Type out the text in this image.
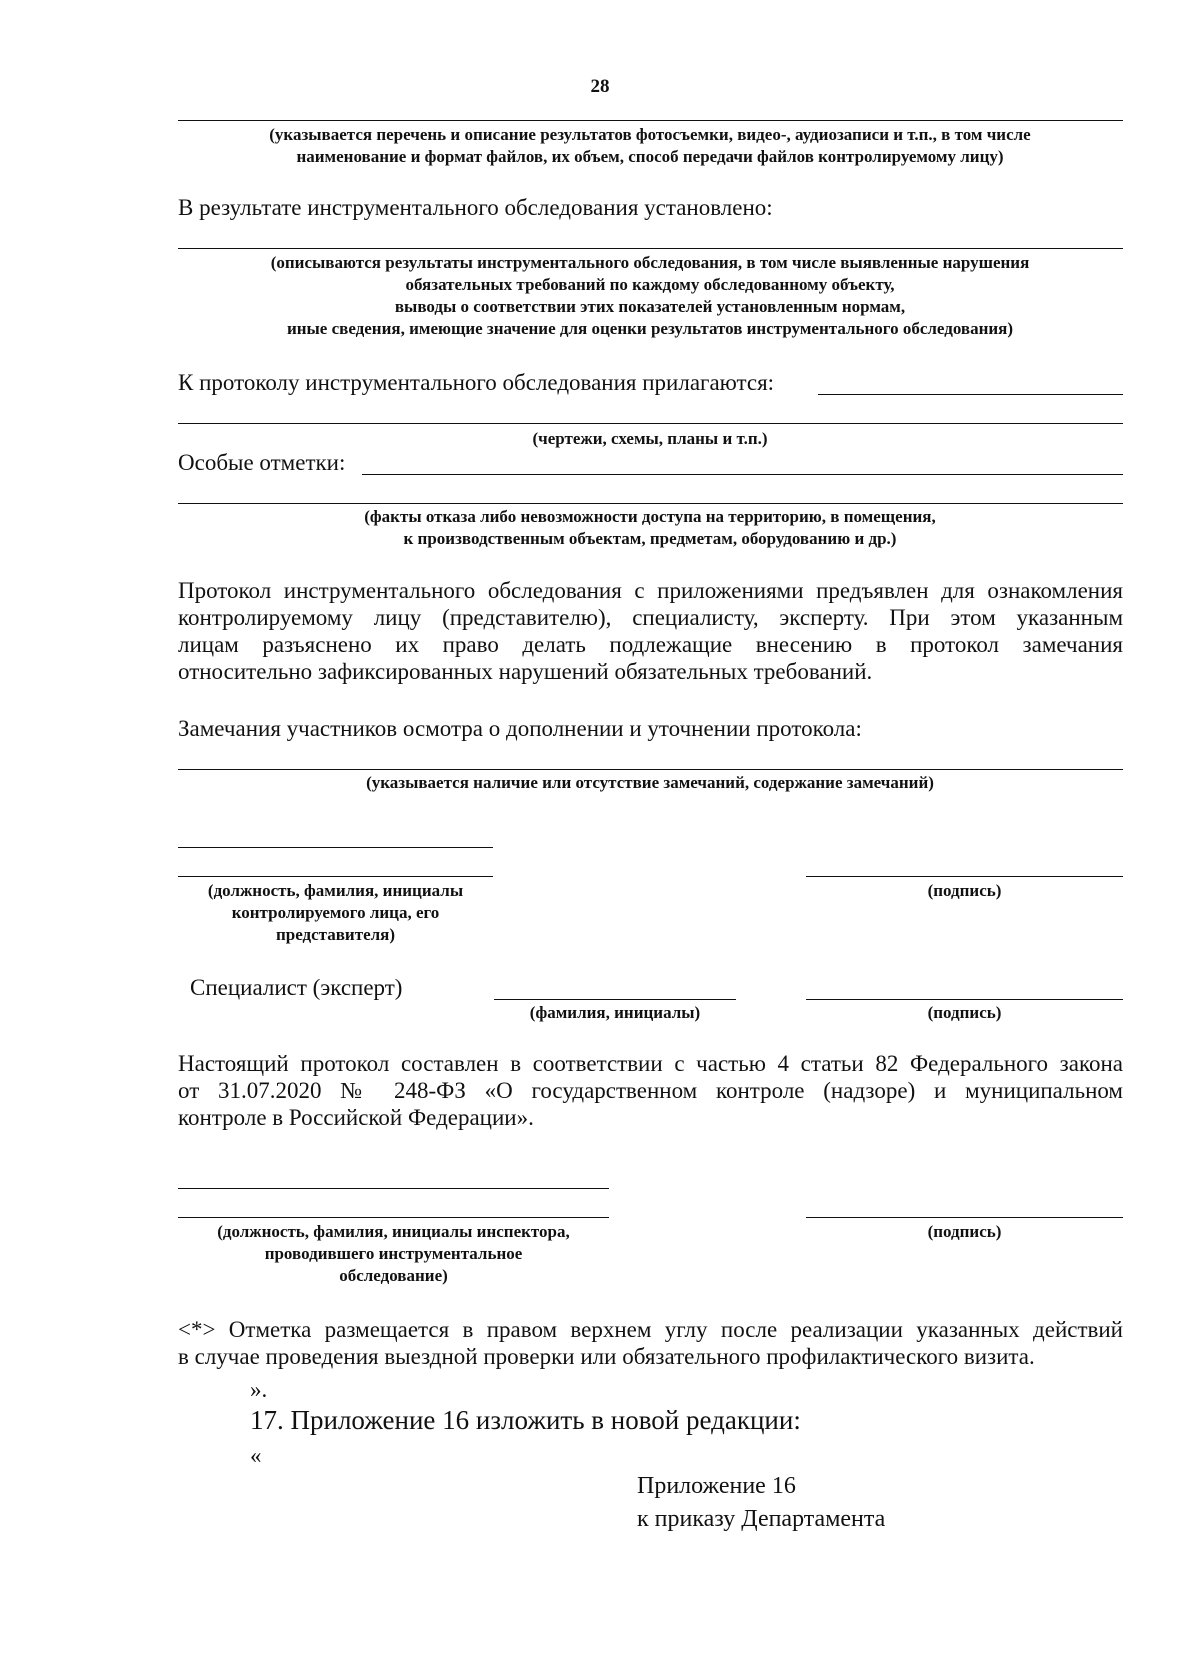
28
(указывается перечень и описание результатов фотосъемки, видео-, аудиозаписи и т.п., в том числе
наименование и формат файлов, их объем, способ передачи файлов контролируемому лицу)
В результате инструментального обследования установлено:
(описываются результаты инструментального обследования, в том числе выявленные нарушения
обязательных требований по каждому обследованному объекту,
выводы о соответствии этих показателей установленным нормам,
иные сведения, имеющие значение для оценки результатов инструментального обследования)
К протоколу инструментального обследования прилагаются:
(чертежи, схемы, планы и т.п.)
Особые отметки:
(факты отказа либо невозможности доступа на территорию, в помещения,
к производственным объектам, предметам, оборудованию и др.)
Протокол инструментального обследования с приложениями предъявлен для ознакомления
контролируемому лицу (представителю), специалисту, эксперту. При этом указанным
лицам разъяснено их право делать подлежащие внесению в протокол замечания
относительно зафиксированных нарушений обязательных требований.
Замечания участников осмотра о дополнении и уточнении протокола:
(указывается наличие или отсутствие замечаний, содержание замечаний)
(должность, фамилия, инициалы
контролируемого лица, его
представителя)
(подпись)
Специалист (эксперт)
(фамилия, инициалы)	(подпись)
Настоящий протокол составлен в соответствии с частью 4 статьи 82 Федерального закона
от 31.07.2020 № 248-ФЗ «О государственном контроле (надзоре) и муниципальном
контроле в Российской Федерации».
(должность, фамилия, инициалы инспектора,
проводившего инструментальное
обследование)
(подпись)
<*> Отметка размещается в правом верхнем углу после реализации указанных действий
в случае проведения выездной проверки или обязательного профилактического визита.
».
17. Приложение 16 изложить в новой редакции:
«
Приложение 16
к приказу Департамента
